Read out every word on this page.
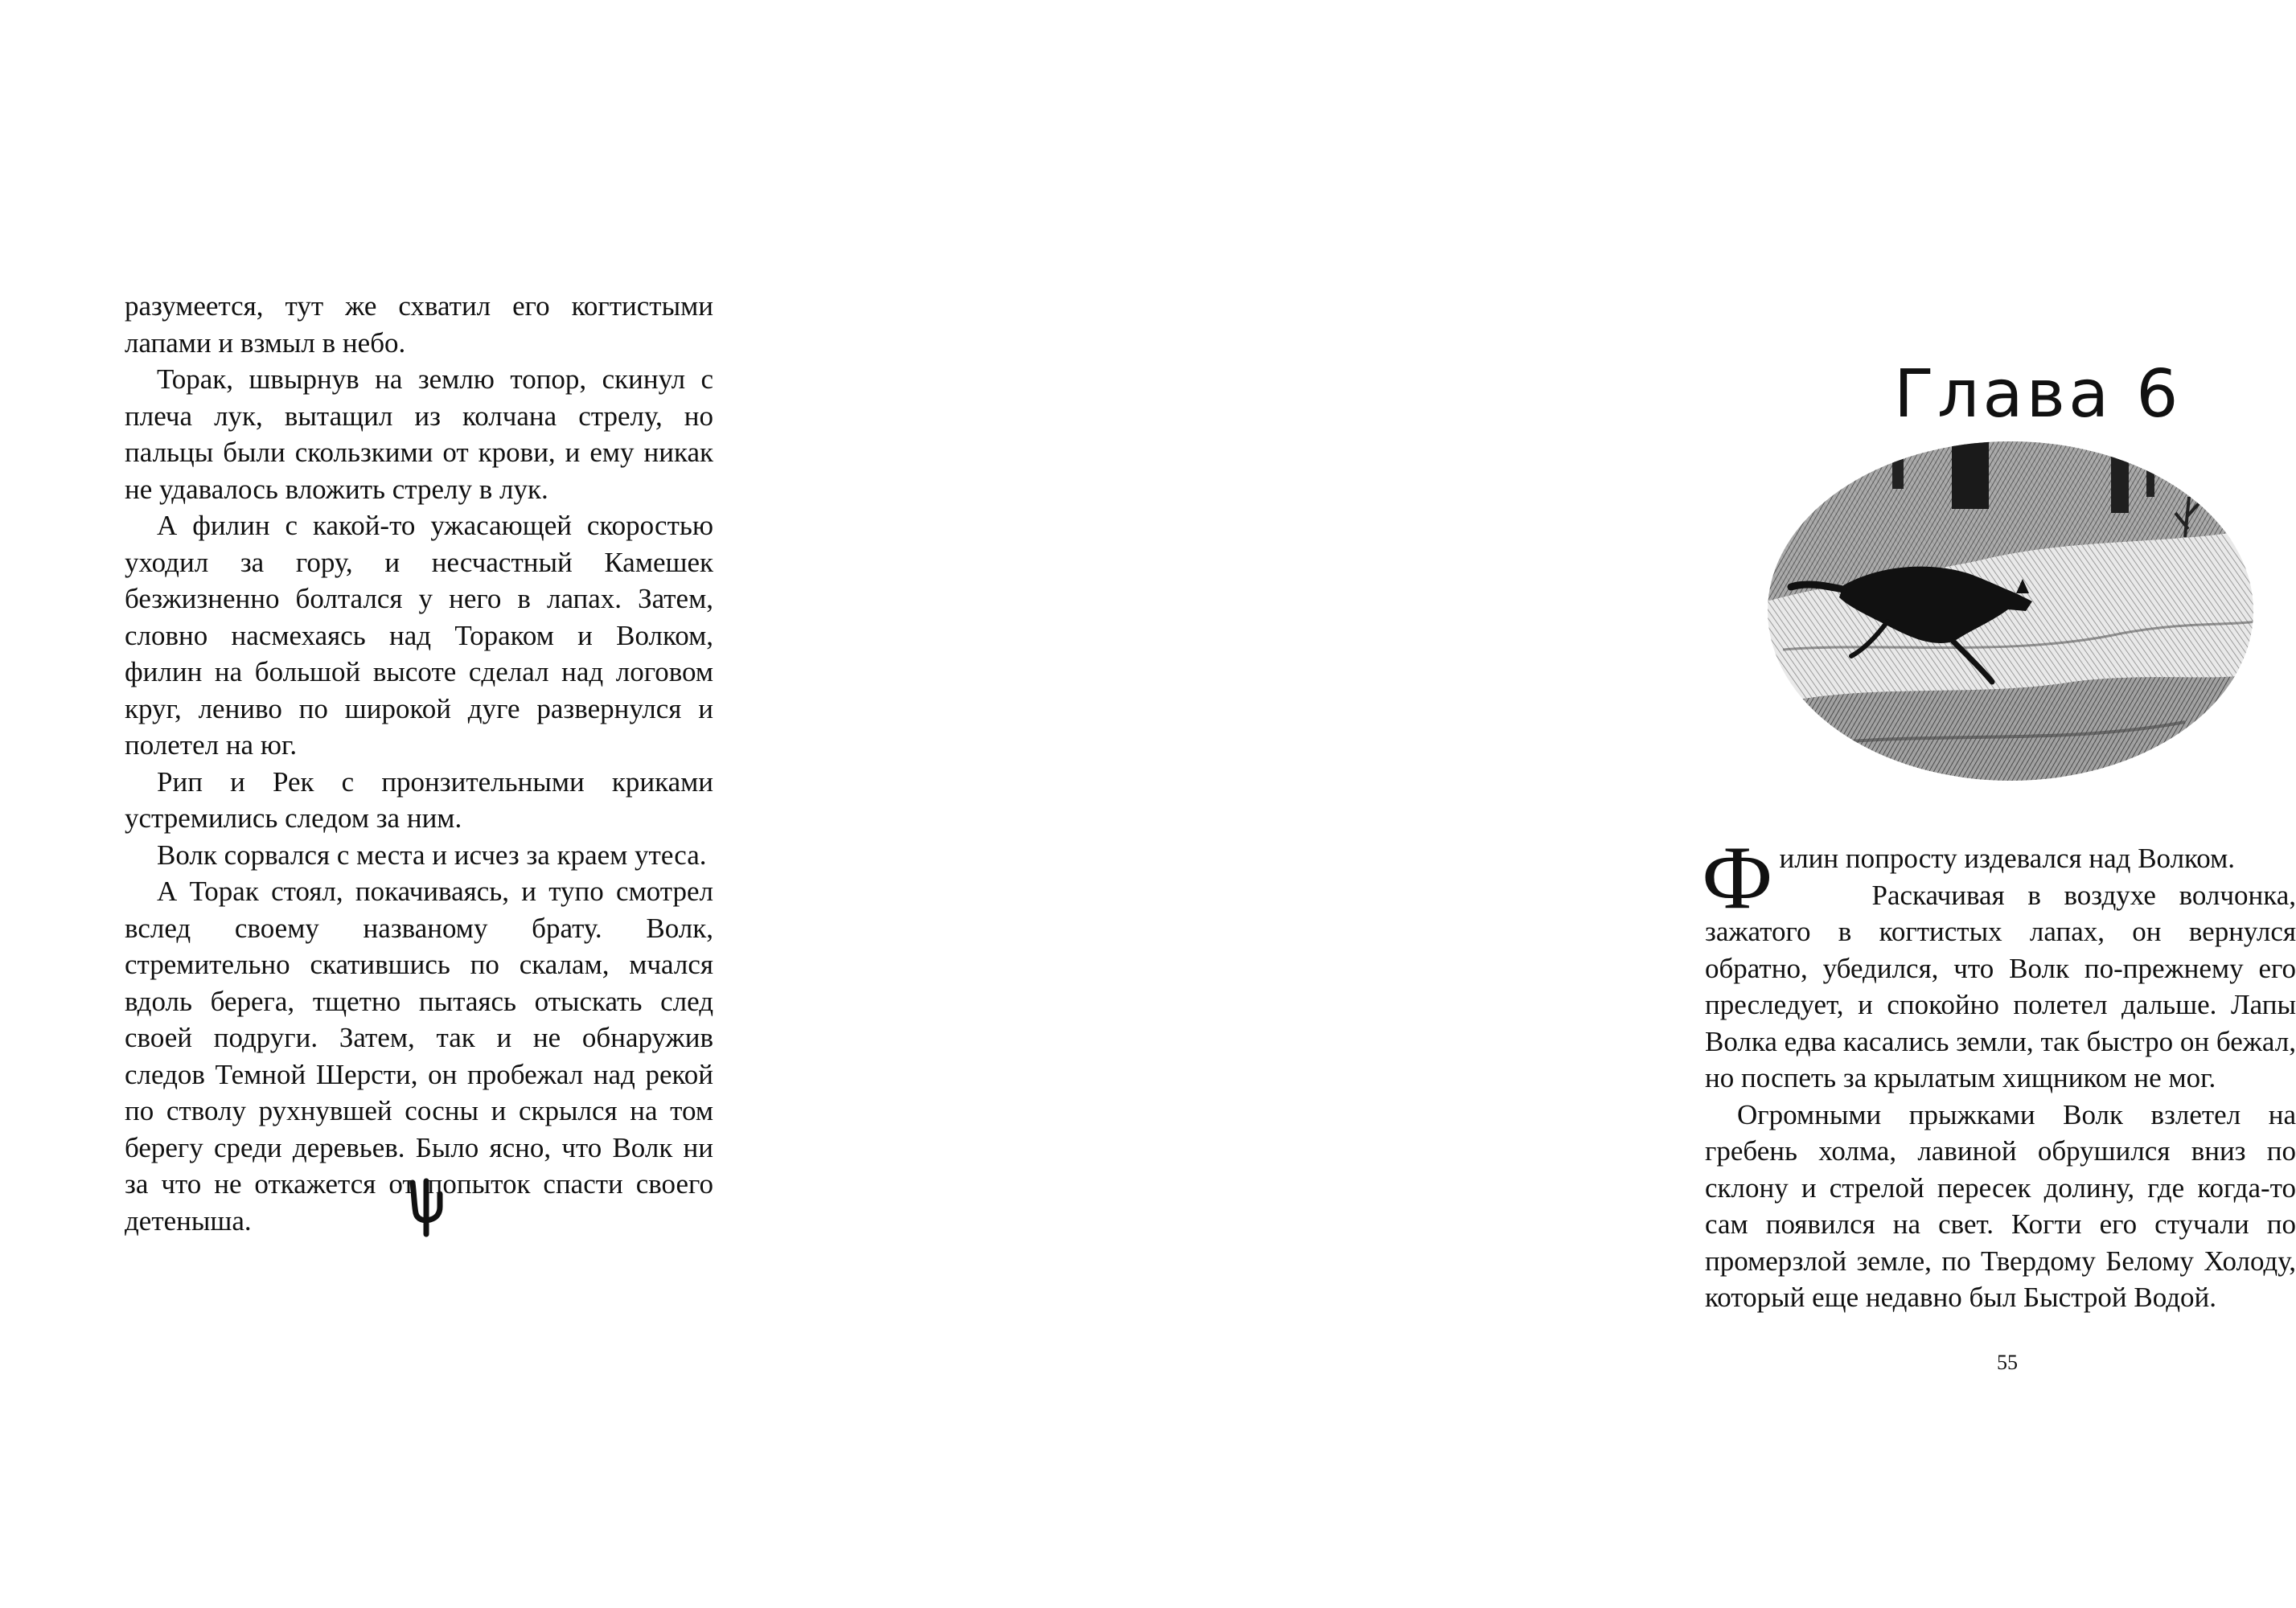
разумеется, тут же схватил его когтистыми лапами и взмыл в небо.

Торак, швырнув на землю топор, скинул с плеча лук, вытащил из колчана стрелу, но пальцы были скользкими от крови, и ему никак не удавалось вложить стрелу в лук.

А филин с какой-то ужасающей скоростью уходил за гору, и несчастный Камешек безжизненно болтался у него в лапах. Затем, словно насмехаясь над Тораком и Волком, филин на большой высоте сделал над логовом круг, лениво по широкой дуге развернулся и полетел на юг.

Рип и Рек с пронзительными криками устремились следом за ним.

Волк сорвался с места и исчез за краем утеса.

А Торак стоял, покачиваясь, и тупо смотрел вслед своему названому брату. Волк, стремительно скатившись по скалам, мчался вдоль берега, тщетно пытаясь отыскать след своей подруги. Затем, так и не обнаружив следов Темной Шерсти, он пробежал над рекой по стволу рухнувшей сосны и скрылся на том берегу среди деревьев. Было ясно, что Волк ни за что не откажется от попыток спасти своего детеныша.

Глава 6

Филин попросту издевался над Волком.

Раскачивая в воздухе волчонка, зажатого в когтистых лапах, он вернулся обратно, убедился, что Волк по-прежнему его преследует, и спокойно полетел дальше. Лапы Волка едва касались земли, так быстро он бежал, но поспеть за крылатым хищником не мог.

Огромными прыжками Волк взлетел на гребень холма, лавиной обрушился вниз по склону и стрелой пересек долину, где когда-то сам появился на свет. Когти его стучали по промерзлой земле, по Твердому Белому Холоду, который еще недавно был Быстрой Водой.

55
